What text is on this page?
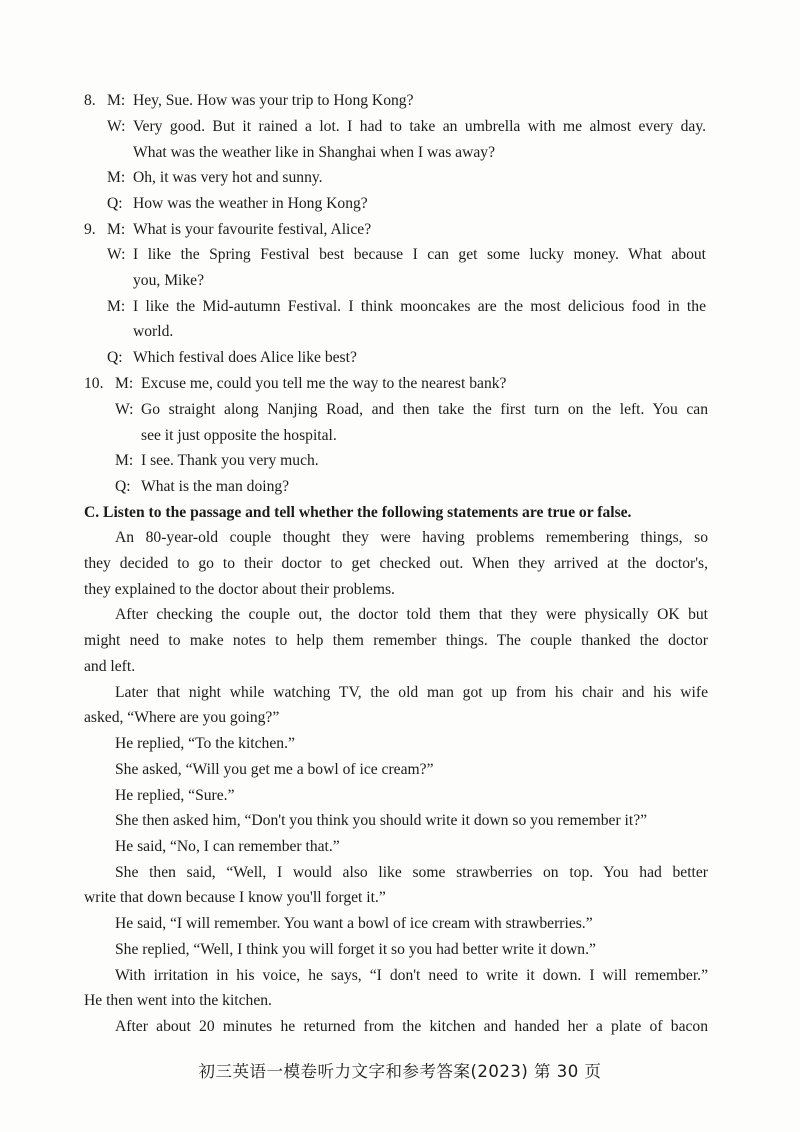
8. M: Hey, Sue. How was your trip to Hong Kong?
W: Very good. But it rained a lot. I had to take an umbrella with me almost every day.
What was the weather like in Shanghai when I was away?
M: Oh, it was very hot and sunny.
Q: How was the weather in Hong Kong?
9. M: What is your favourite festival, Alice?
W: I like the Spring Festival best because I can get some lucky money. What about
you, Mike?
M: I like the Mid-autumn Festival. I think mooncakes are the most delicious food in the
world.
Q: Which festival does Alice like best?
10. M: Excuse me, could you tell me the way to the nearest bank?
W: Go straight along Nanjing Road, and then take the first turn on the left. You can
see it just opposite the hospital.
M: I see. Thank you very much.
Q: What is the man doing?
C. Listen to the passage and tell whether the following statements are true or false.
An 80-year-old couple thought they were having problems remembering things, so
they decided to go to their doctor to get checked out. When they arrived at the doctor's,
they explained to the doctor about their problems.
After checking the couple out, the doctor told them that they were physically OK but
might need to make notes to help them remember things. The couple thanked the doctor
and left.
Later that night while watching TV, the old man got up from his chair and his wife
asked, “Where are you going?”
He replied, “To the kitchen.”
She asked, “Will you get me a bowl of ice cream?”
He replied, “Sure.”
She then asked him, “Don't you think you should write it down so you remember it?”
He said, “No, I can remember that.”
She then said, “Well, I would also like some strawberries on top. You had better
write that down because I know you'll forget it.”
He said, “I will remember. You want a bowl of ice cream with strawberries.”
She replied, “Well, I think you will forget it so you had better write it down.”
With irritation in his voice, he says, “I don't need to write it down. I will remember.”
He then went into the kitchen.
After about 20 minutes he returned from the kitchen and handed her a plate of bacon
初三英语一模卷听力文字和参考答案(2023) 第 30 页
